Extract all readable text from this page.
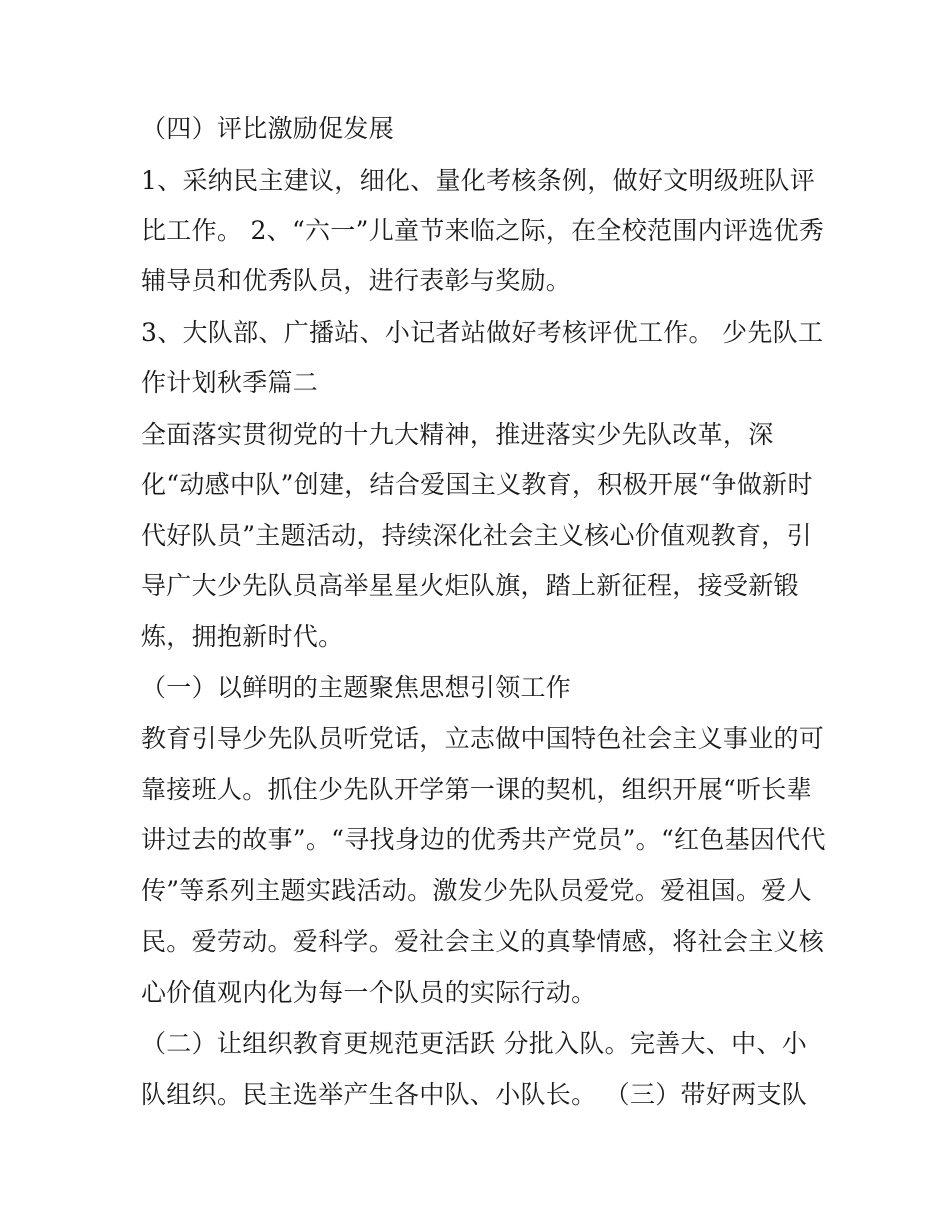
（四）评比激励促发展
1、采纳民主建议，细化、量化考核条例，做好文明级班队评
比工作。 2、“六一”儿童节来临之际，在全校范围内评选优秀
辅导员和优秀队员，进行表彰与奖励。
3、大队部、广播站、小记者站做好考核评优工作。 少先队工
作计划秋季篇二
全面落实贯彻党的十九大精神，推进落实少先队改革，深
化“动感中队”创建，结合爱国主义教育，积极开展“争做新时
代好队员”主题活动，持续深化社会主义核心价值观教育，引
导广大少先队员高举星星火炬队旗，踏上新征程，接受新锻
炼，拥抱新时代。
（一）以鲜明的主题聚焦思想引领工作
教育引导少先队员听党话，立志做中国特色社会主义事业的可
靠接班人。抓住少先队开学第一课的契机，组织开展“听长辈
讲过去的故事”。“寻找身边的优秀共产党员”。“红色基因代代
传”等系列主题实践活动。激发少先队员爱党。爱祖国。爱人
民。爱劳动。爱科学。爱社会主义的真挚情感，将社会主义核
心价值观内化为每一个队员的实际行动。
（二）让组织教育更规范更活跃 分批入队。完善大、中、小
队组织。民主选举产生各中队、小队长。 （三）带好两支队
